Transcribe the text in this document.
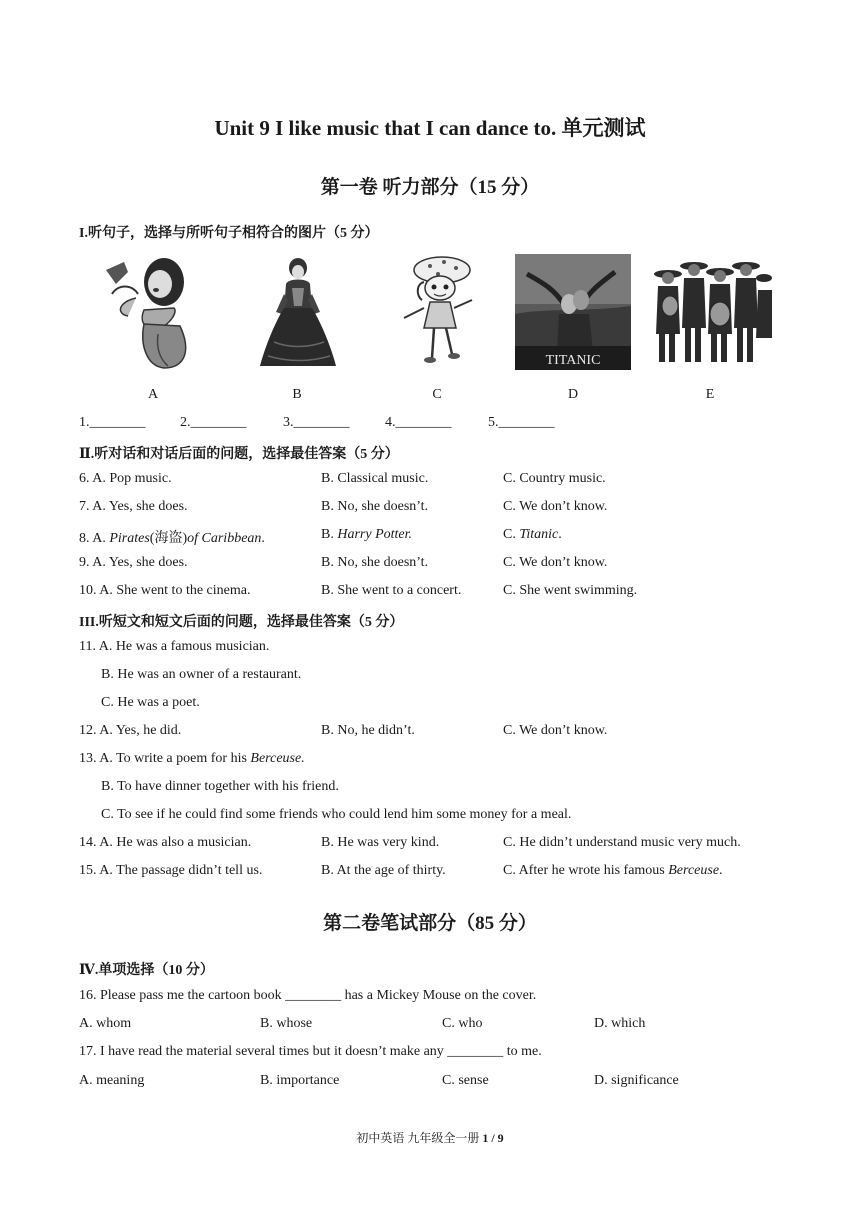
Unit 9 I like music that I can dance to. 单元测试
第一卷 听力部分（15 分）
I.听句子，选择与所听句子相符合的图片（5 分）
TITANIC
A	B	C	D	E
1.________ 2.________	3.________	4.________	5.________
Ⅱ.听对话和对话后面的问题，选择最佳答案（5 分）
6. A. Pop music.	B. Classical music.	C. Country music.
7. A. Yes, she does.	B. No, she doesn’t.	C. We don’t know.
8. A. Pirates(海盗)of Caribbean.	B. Harry Potter.	C. Titanic.
9. A. Yes, she does.	B. No, she doesn’t.	C. We don’t know.
10. A. She went to the cinema.	B. She went to a concert.	C. She went swimming.
III.听短文和短文后面的问题，选择最佳答案（5 分）
11. A. He was a famous musician.
B. He was an owner of a restaurant.
C. He was a poet.
12. A. Yes, he did.	B. No, he didn’t.	C. We don’t know.
13. A. To write a poem for his Berceuse.
B. To have dinner together with his friend.
C. To see if he could find some friends who could lend him some money for a meal.
14. A. He was also a musician.	B. He was very kind.	C. He didn’t understand music very much.
15. A. The passage didn’t tell us.	B. At the age of thirty.	C. After he wrote his famous Berceuse.
第二卷笔试部分（85 分）
Ⅳ.单项选择（10 分）
16. Please pass me the cartoon book ________ has a Mickey Mouse on the cover.
A. whom	B. whose	C. who	D. which
17. I have read the material several times but it doesn’t make any ________ to me.
A. meaning	B. importance	C. sense	D. significance
初中英语 九年级全一册 1 / 9
